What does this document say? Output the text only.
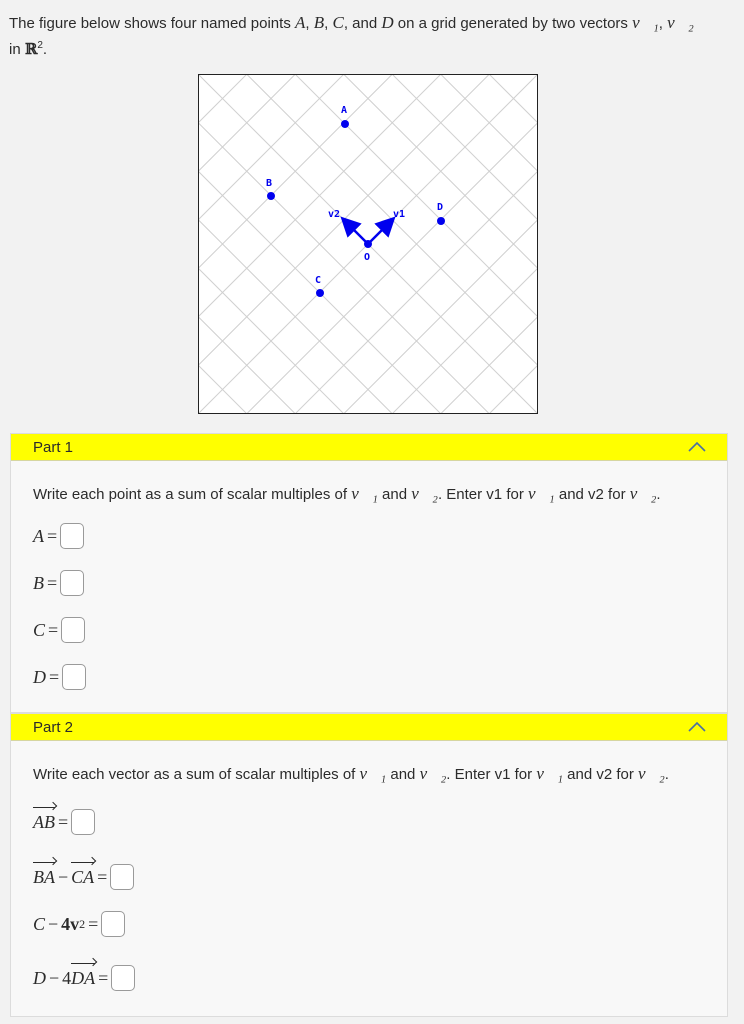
The figure below shows four named points A, B, C, and D on a grid generated by two vectors v⃗₁, v⃗₂
in ℝ$^2$.
A
B
C
D
O
v1
v2
Part 1
Write each point as a sum of scalar multiples of v⃗₁ and v⃗₂. Enter v1 for v⃗₁ and v2 for v⃗₂.
A =
B =
C =
D =
Part 2
Write each vector as a sum of scalar multiples of v⃗₁ and v⃗₂. Enter v1 for v⃗₁ and v2 for v⃗₂.
AB =
BA − CA =
C − 4 v 2 =
D − 4 DA =
